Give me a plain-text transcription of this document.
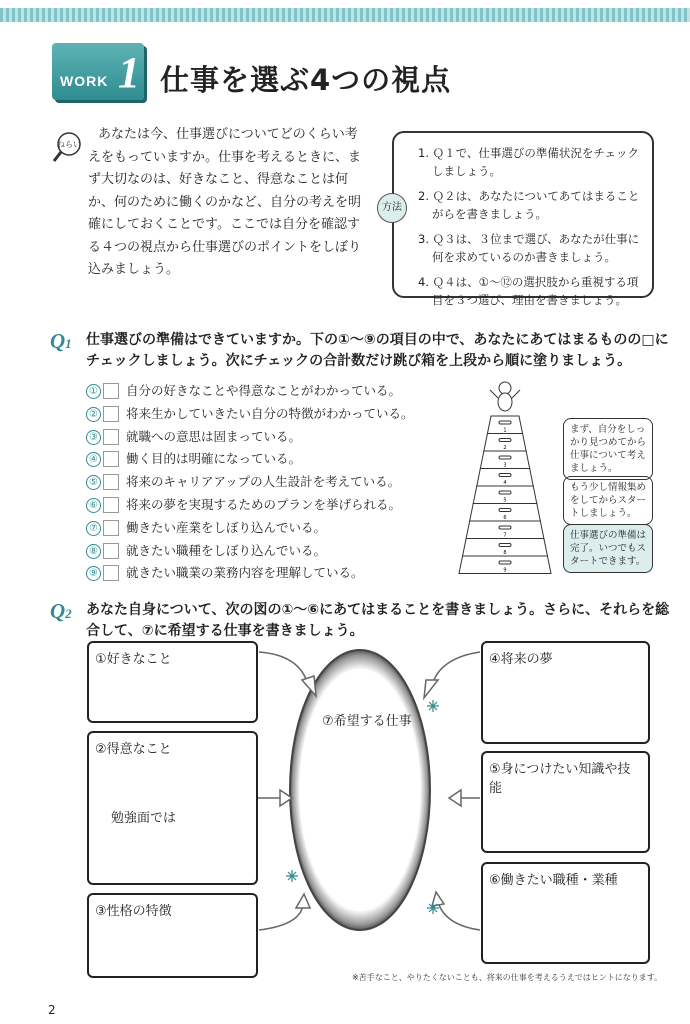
WORK 1 仕事を選ぶ4つの視点
ねらい
あなたは今、仕事選びについてどのくらい考えをもっていますか。仕事を考えるときに、まず大切なのは、好きなこと、得意なことは何か、何のために働くのかなど、自分の考えを明確にしておくことです。ここでは自分を確認する４つの視点から仕事選びのポイントをしぼり込みましょう。
方法
1. Ｑ１で、仕事選びの準備状況をチェックしましょう。
2. Ｑ２は、あなたについてあてはまることがらを書きましょう。
3. Ｑ３は、３位まで選び、あなたが仕事に何を求めているのか書きましょう。
4. Ｑ４は、①～⑫の選択肢から重視する項目を３つ選び、理由を書きましょう。
Q1 仕事選びの準備はできていますか。下の①～⑨の項目の中で、あなたにあてはまるものの□にチェックしましょう。次にチェックの合計数だけ跳び箱を上段から順に塗りましょう。
① 自分の好きなことや得意なことがわかっている。
② 将来生かしていきたい自分の特徴がわかっている。
③ 就職への意思は固まっている。
④ 働く目的は明確になっている。
⑤ 将来のキャリアアップの人生設計を考えている。
⑥ 将来の夢を実現するためのプランを挙げられる。
⑦ 働きたい産業をしぼり込んでいる。
⑧ 就きたい職種をしぼり込んでいる。
⑨ 就きたい職業の業務内容を理解している。
1
2
3
4
5
6
7
8
9
まず、自分をしっかり見つめてから仕事について考えましょう。
もう少し情報集めをしてからスタートしましょう。
仕事選びの準備は完了。いつでもスタートできます。
Q2 あなた自身について、次の図の①～⑥にあてはまることを書きましょう。さらに、それらを総合して、⑦に希望する仕事を書きましょう。
①好きなこと
②得意なこと
勉強面では
③性格の特徴
④将来の夢
⑤身につけたい知識や技能
⑥働きたい職種・業種
⑦希望する仕事
※苦手なこと、やりたくないことも、将来の仕事を考えるうえではヒントになります。
2
